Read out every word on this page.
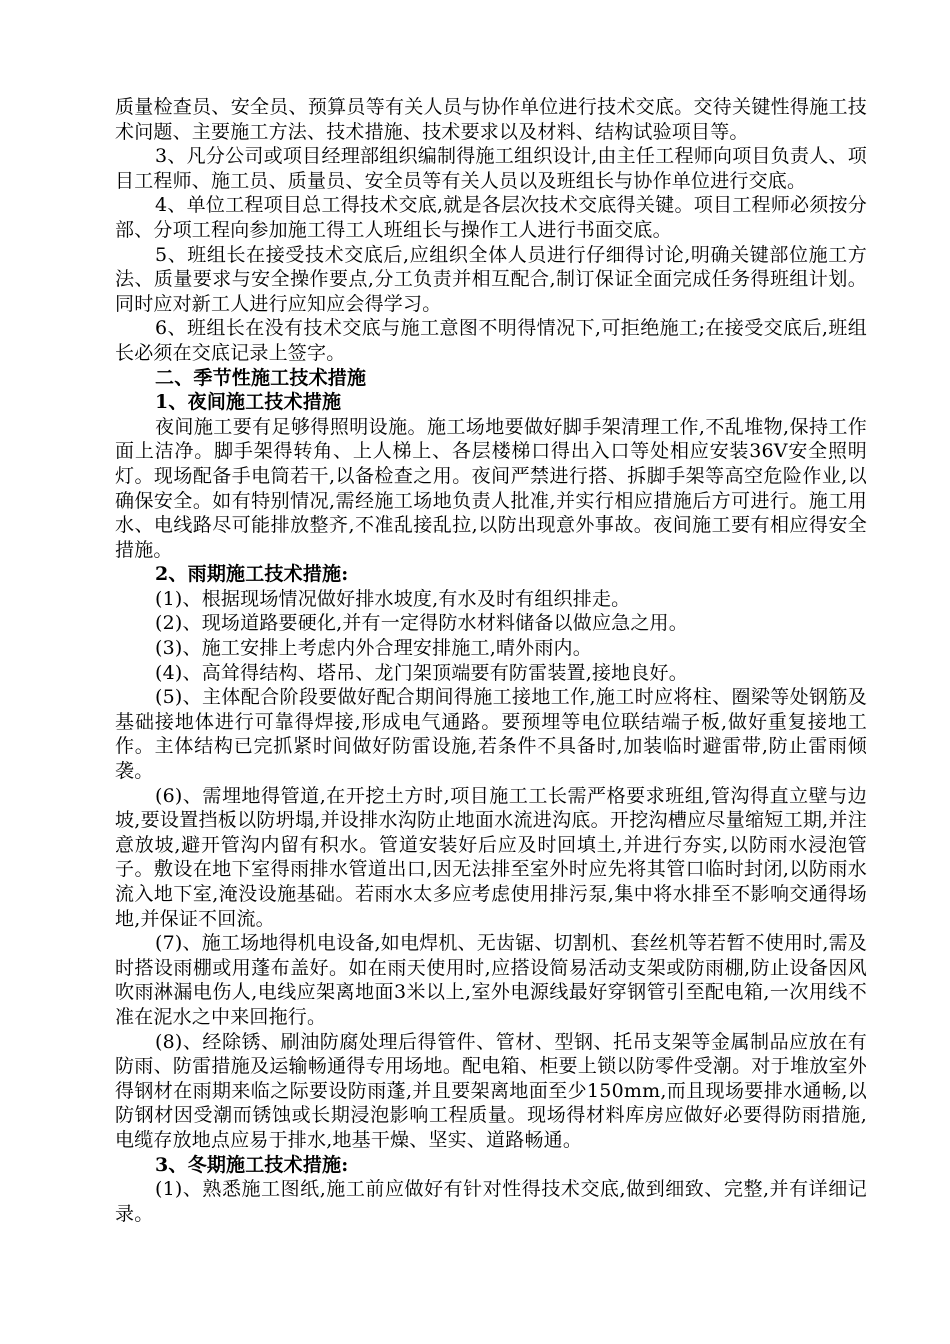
质量检查员、安全员、预算员等有关人员与协作单位进行技术交底。交待关键性得施工技术问题、主要施工方法、技术措施、技术要求以及材料、结构试验项目等。

3、凡分公司或项目经理部组织编制得施工组织设计,由主任工程师向项目负责人、项目工程师、施工员、质量员、安全员等有关人员以及班组长与协作单位进行交底。

4、单位工程项目总工得技术交底,就是各层次技术交底得关键。项目工程师必须按分部、分项工程向参加施工得工人班组长与操作工人进行书面交底。

5、班组长在接受技术交底后,应组织全体人员进行仔细得讨论,明确关键部位施工方法、质量要求与安全操作要点,分工负责并相互配合,制订保证全面完成任务得班组计划。同时应对新工人进行应知应会得学习。

6、班组长在没有技术交底与施工意图不明得情况下,可拒绝施工;在接受交底后,班组长必须在交底记录上签字。

二、季节性施工技术措施

1、夜间施工技术措施

夜间施工要有足够得照明设施。施工场地要做好脚手架清理工作,不乱堆物,保持工作面上洁净。脚手架得转角、上人梯上、各层楼梯口得出入口等处相应安装36V安全照明灯。现场配备手电筒若干,以备检查之用。夜间严禁进行搭、拆脚手架等高空危险作业,以确保安全。如有特别情况,需经施工场地负责人批准,并实行相应措施后方可进行。施工用水、电线路尽可能排放整齐,不准乱接乱拉,以防出现意外事故。夜间施工要有相应得安全措施。

2、雨期施工技术措施:

(1)、根据现场情况做好排水坡度,有水及时有组织排走。

(2)、现场道路要硬化,并有一定得防水材料储备以做应急之用。

(3)、施工安排上考虑内外合理安排施工,晴外雨内。

(4)、高耸得结构、塔吊、龙门架顶端要有防雷装置,接地良好。

(5)、主体配合阶段要做好配合期间得施工接地工作,施工时应将柱、圈梁等处钢筋及基础接地体进行可靠得焊接,形成电气通路。要预埋等电位联结端子板,做好重复接地工作。主体结构已完抓紧时间做好防雷设施,若条件不具备时,加装临时避雷带,防止雷雨倾袭。

(6)、需埋地得管道,在开挖土方时,项目施工工长需严格要求班组,管沟得直立壁与边坡,要设置挡板以防坍塌,并设排水沟防止地面水流进沟底。开挖沟槽应尽量缩短工期,并注意放坡,避开管沟内留有积水。管道安装好后应及时回填土,并进行夯实,以防雨水浸泡管子。敷设在地下室得雨排水管道出口,因无法排至室外时应先将其管口临时封闭,以防雨水流入地下室,淹没设施基础。若雨水太多应考虑使用排污泵,集中将水排至不影响交通得场地,并保证不回流。

(7)、施工场地得机电设备,如电焊机、无齿锯、切割机、套丝机等若暂不使用时,需及时搭设雨棚或用蓬布盖好。如在雨天使用时,应搭设简易活动支架或防雨棚,防止设备因风吹雨淋漏电伤人,电线应架离地面3米以上,室外电源线最好穿钢管引至配电箱,一次用线不准在泥水之中来回拖行。

(8)、经除锈、刷油防腐处理后得管件、管材、型钢、托吊支架等金属制品应放在有防雨、防雷措施及运输畅通得专用场地。配电箱、柜要上锁以防零件受潮。对于堆放室外得钢材在雨期来临之际要设防雨蓬,并且要架离地面至少150mm,而且现场要排水通畅,以防钢材因受潮而锈蚀或长期浸泡影响工程质量。现场得材料库房应做好必要得防雨措施,电缆存放地点应易于排水,地基干燥、坚实、道路畅通。

3、冬期施工技术措施:

(1)、熟悉施工图纸,施工前应做好有针对性得技术交底,做到细致、完整,并有详细记录。
